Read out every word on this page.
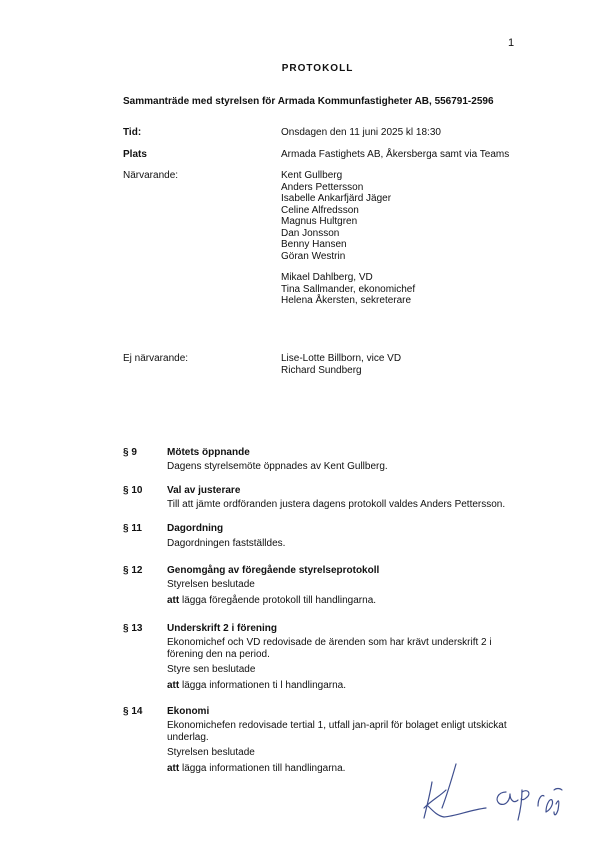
1
PROTOKOLL
Sammanträde med styrelsen för Armada Kommunfastigheter AB, 556791-2596
Tid:	Onsdagen den 11 juni 2025 kl 18:30
Plats	Armada Fastighets AB, Åkersberga samt via Teams
Närvarande:	Kent Gullberg
Anders Pettersson
Isabelle Ankarfjärd Jäger
Celine Alfredsson
Magnus Hultgren
Dan Jonsson
Benny Hansen
Göran Westrin
Mikael Dahlberg, VD
Tina Sallmander, ekonomichef
Helena Åkersten, sekreterare
Ej närvarande:	Lise-Lotte Billborn, vice VD
Richard Sundberg
§ 9	Mötets öppnande

Dagens styrelsemöte öppnades av Kent Gullberg.

§ 10 Val av justerare

Till att jämte ordföranden justera dagens protokoll valdes Anders Pettersson.

§ 11	Dagordning

Dagordningen fastställdes.

§ 12 Genomgång av föregående styrelseprotokoll

Styrelsen beslutade

att lägga föregående protokoll till handlingarna.

§ 13 Underskrift 2 i förening

Ekonomichef och VD redovisade de ärenden som har krävt underskrift 2 i förening den na period.

Styre sen beslutade

att lägga informationen ti l handlingarna.

§ 14 Ekonomi

Ekonomichefen redovisade tertial 1, utfall jan-april för bolaget enligt utskickat underlag.

Styrelsen beslutade

att lägga informationen till handlingarna.
